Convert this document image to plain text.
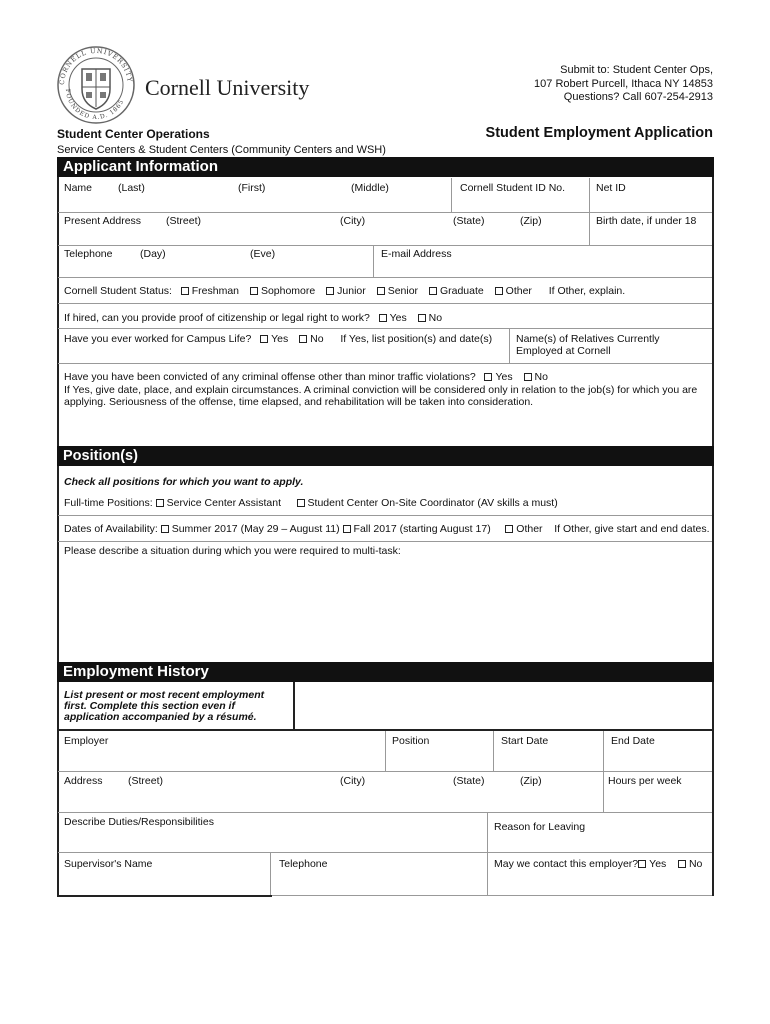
CORNELL UNIVERSITY
FOUNDED A.D. 1865
Cornell University
Submit to: Student Center Ops,
107 Robert Purcell, Ithaca NY 14853
Questions? Call 607-254-2913
Student Center Operations
Service Centers & Student Centers (Community Centers and WSH)
Student Employment Application
Applicant Information
Name (Last)	(First)	(Middle)	Cornell Student ID No.	Net ID
Present Address (Street)	(City)	(State)	(Zip)	Birth date, if under 18
Telephone	(Day)	(Eve)	E-mail Address
Cornell Student Status: Freshman Sophomore Junior Senior Graduate Other If Other, explain.
If hired, can you provide proof of citizenship or legal right to work? Yes No
Have you ever worked for Campus Life? Yes No If Yes, list position(s) and date(s) Name(s) of Relatives Currently Employed at Cornell
Have you have been convicted of any criminal offense other than minor traffic violations? Yes No
If Yes, give date, place, and explain circumstances. A criminal conviction will be considered only in relation to the job(s) for which you are applying. Seriousness of the offense, time elapsed, and rehabilitation will be taken into consideration.
Position(s)
Check all positions for which you want to apply.
Full-time Positions: Service Center Assistant	Student Center On-Site Coordinator (AV skills a must)
Dates of Availability: Summer 2017 (May 29 – August 11) Fall 2017 (starting August 17) Other If Other, give start and end dates.
Please describe a situation during which you were required to multi-task:
Employment History
List present or most recent employment first. Complete this section even if application accompanied by a résumé.
Employer	Position	Start Date	End Date
Address (Street)	(City)	(State)	(Zip)	Hours per week
Describe Duties/Responsibilities	Reason for Leaving
Supervisor's Name	Telephone	May we contact this employer? Yes No
